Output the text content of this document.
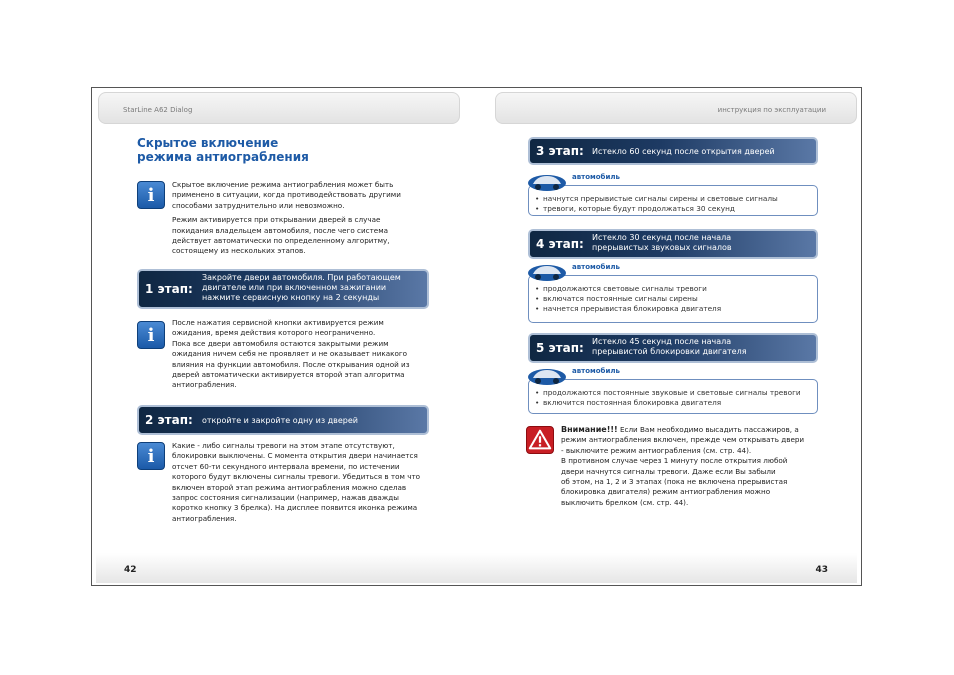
StarLine A62 Dialog	инструкция по эксплуатации
Скрытое включение
режима антиограбления
i
Скрытое включение режима антиограбления может быть
применено в ситуации, когда противодействовать другими
способами затруднительно или невозможно.
Режим активируется при открывании дверей в случае
покидания владельцем автомобиля, после чего система
действует автоматически по определенному алгоритму,
состоящему из нескольких этапов.
1 этап:
Закройте двери автомобиля. При работающем
двигателе или при включенном зажигании
нажмите сервисную кнопку на 2 секунды
i
После нажатия сервисной кнопки активируется режим
ожидания, время действия которого неограниченно.
Пока все двери автомобиля остаются закрытыми режим
ожидания ничем себя не проявляет и не оказывает никакого
влияния на функции автомобиля. После открывания одной из
дверей автоматически активируется второй этап алгоритма
антиограбления.
2 этап: откройте и закройте одну из дверей
i
Какие - либо сигналы тревоги на этом этапе отсутствуют,
блокировки выключены. С момента открытия двери начинается
отсчет 60-ти секундного интервала времени, по истечении
которого будут включены сигналы тревоги. Убедиться в том что
включен второй этап режима антиограбления можно сделав
запрос состояния сигнализации (например, нажав дважды
коротко кнопку 3 брелка). На дисплее появится иконка режима
антиограбления.
3 этап: Истекло 60 секунд после открытия дверей
автомобиль
• начнутся прерывистые сигналы сирены и световые сигналы
• тревоги, которые будут продолжаться 30 секунд
4 этап: Истекло 30 секунд после начала
прерывистых звуковых сигналов
автомобиль
• продолжаются световые сигналы тревоги
• включатся постоянные сигналы сирены
• начнется прерывистая блокировка двигателя
5 этап: Истекло 45 секунд после начала
прерывистой блокировки двигателя
автомобиль
• продолжаются постоянные звуковые и световые сигналы тревоги
• включится постоянная блокировка двигателя
Внимание!!! Если Вам необходимо высадить пассажиров, а
режим антиограбления включен, прежде чем открывать двери
- выключите режим антиограбления (см. стр. 44).
В противном случае через 1 минуту после открытия любой
двери начнутся сигналы тревоги. Даже если Вы забыли
об этом, на 1, 2 и 3 этапах (пока не включена прерывистая
блокировка двигателя) режим антиограбления можно
выключить брелком (см. стр. 44).
42	43
